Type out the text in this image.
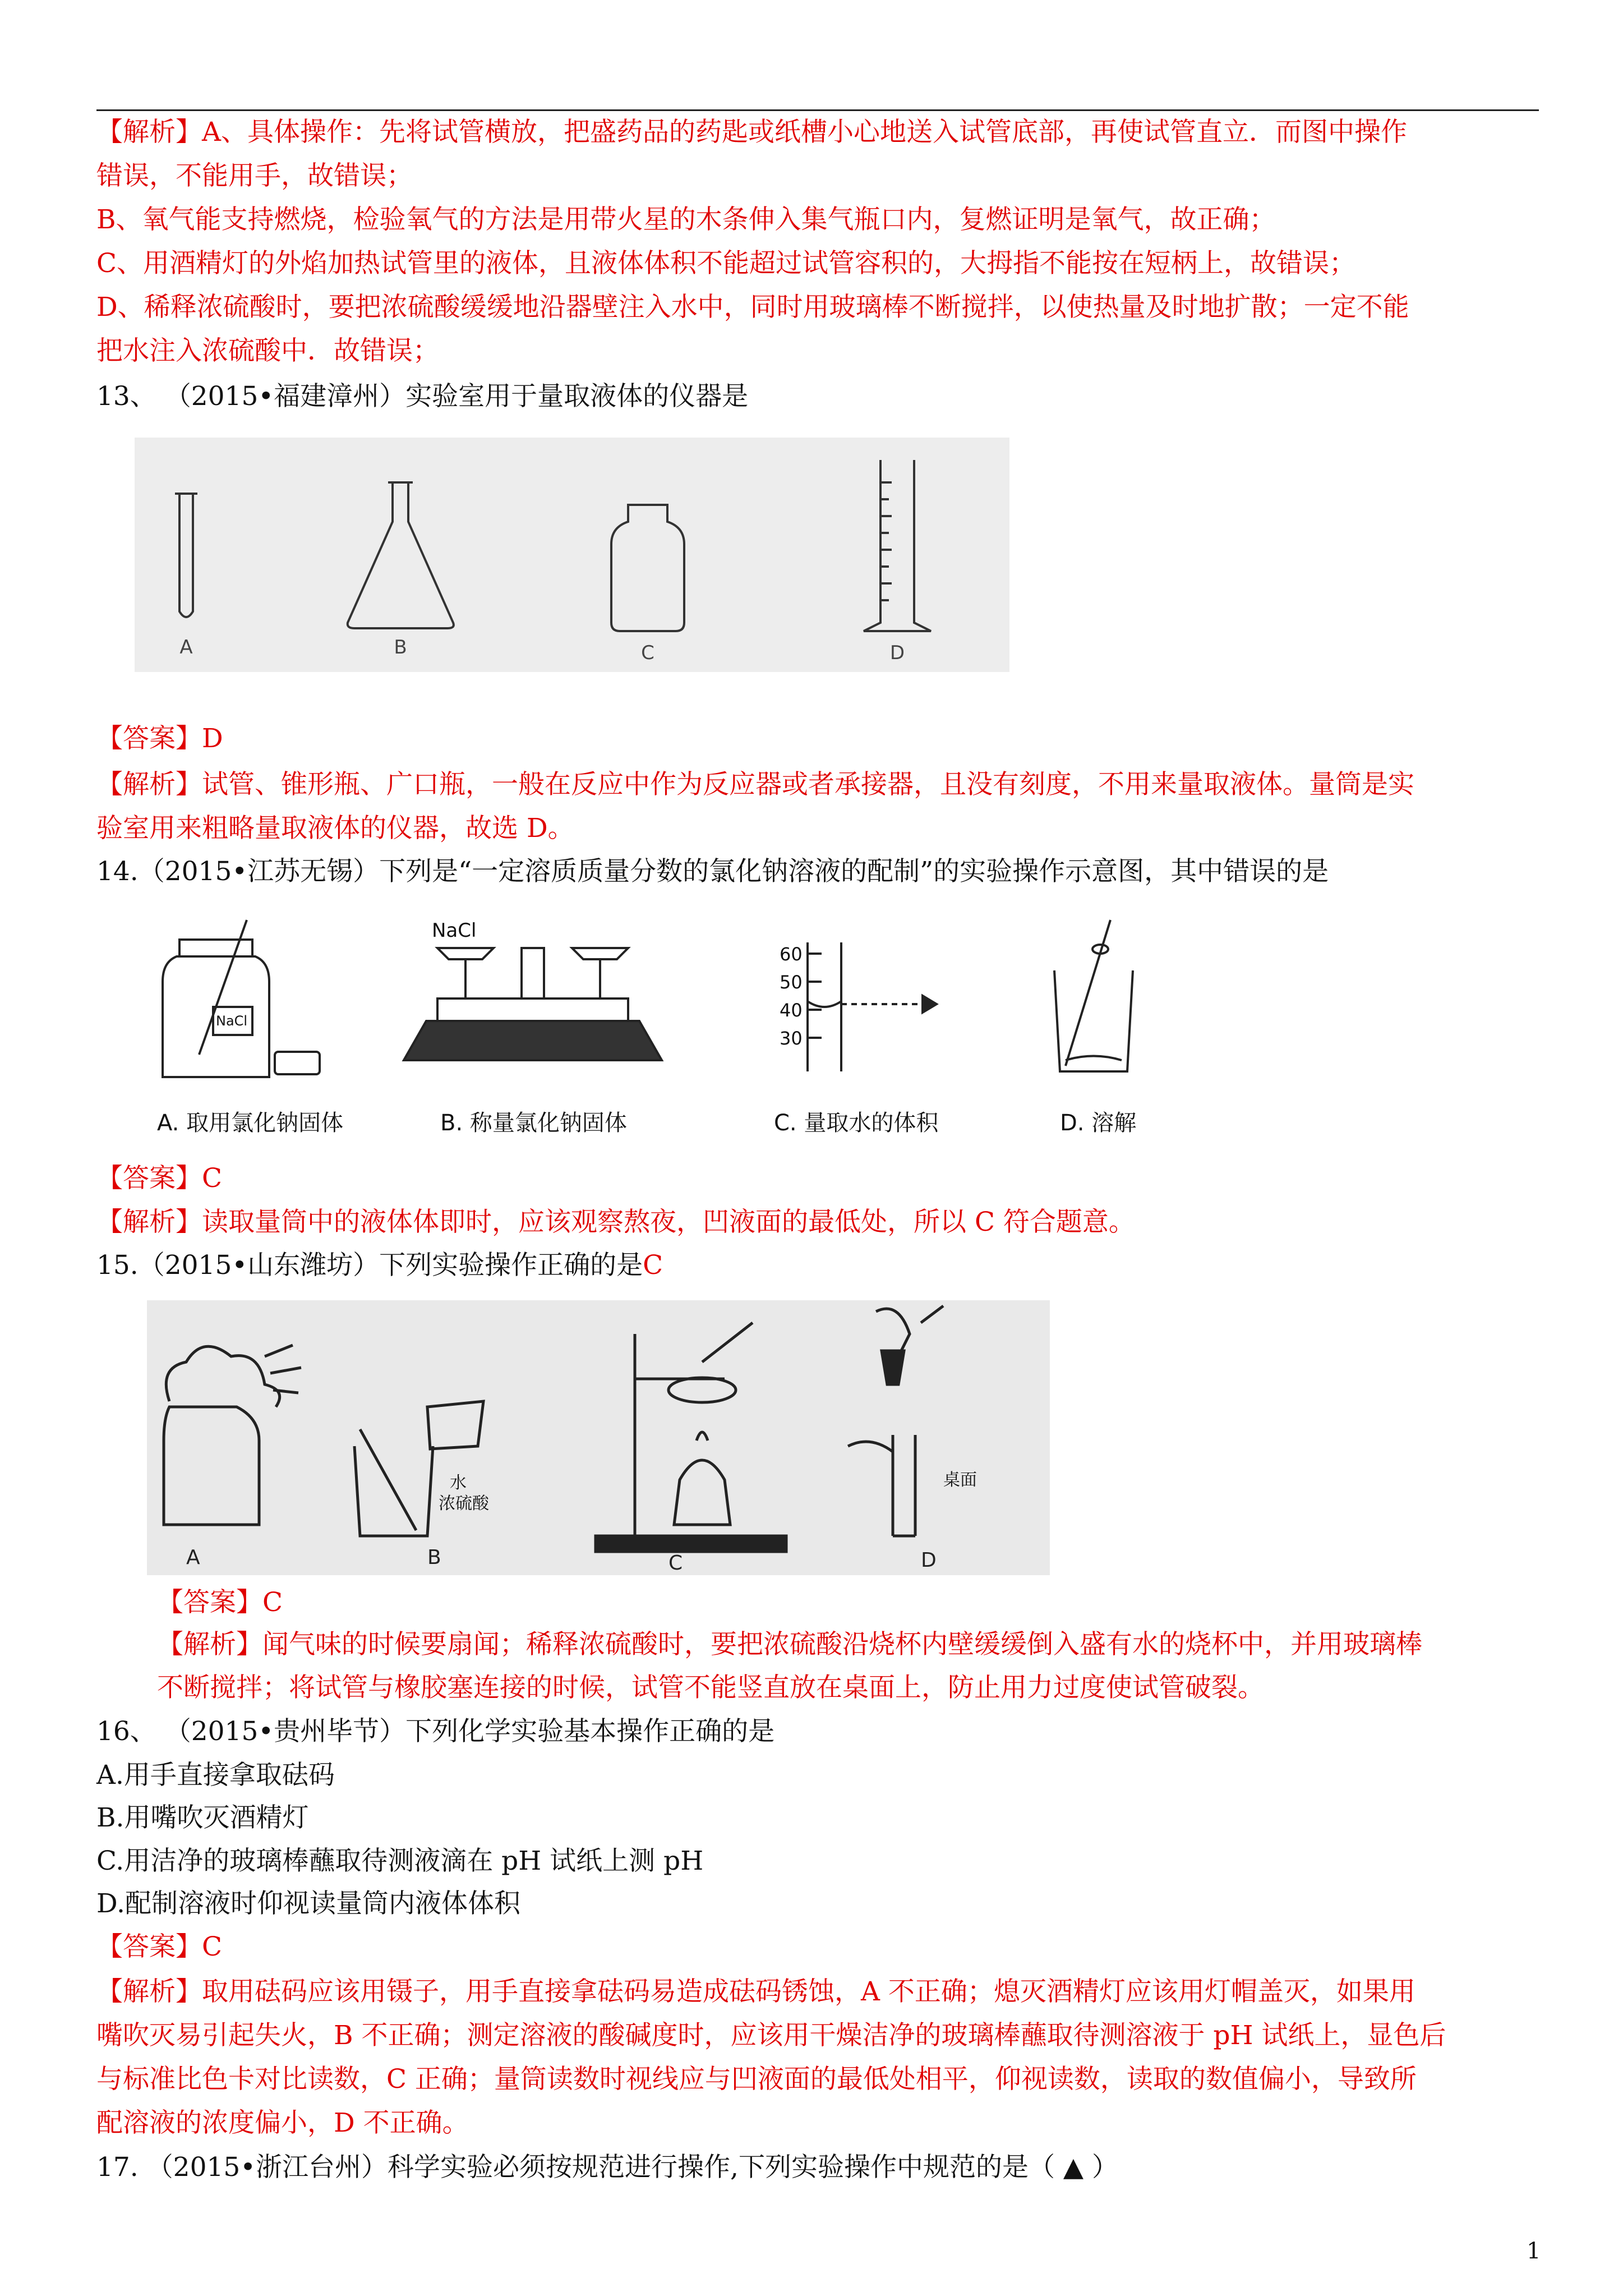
【解析】A、具体操作：先将试管横放，把盛药品的药匙或纸槽小心地送入试管底部，再使试管直立．而图中操作
错误，不能用手，故错误；
B、氧气能支持燃烧，检验氧气的方法是用带火星的木条伸入集气瓶口内，复燃证明是氧气，故正确；
C、用酒精灯的外焰加热试管里的液体，且液体体积不能超过试管容积的，大拇指不能按在短柄上，故错误；
D、稀释浓硫酸时，要把浓硫酸缓缓地沿器壁注入水中，同时用玻璃棒不断搅拌，以使热量及时地扩散；一定不能
把水注入浓硫酸中．故错误；
13、 （2015•福建漳州）实验室用于量取液体的仪器是
A	B	C	D
【答案】D
【解析】试管、锥形瓶、广口瓶，一般在反应中作为反应器或者承接器，且没有刻度，不用来量取液体。量筒是实
验室用来粗略量取液体的仪器，故选 D。
14.（2015•江苏无锡）下列是“一定溶质质量分数的氯化钠溶液的配制”的实验操作示意图，其中错误的是
NaCl
NaCl
60
50
40
30
A. 取用氯化钠固体	B. 称量氯化钠固体	C. 量取水的体积	D. 溶解
【答案】C
【解析】读取量筒中的液体体即时，应该观察熬夜，凹液面的最低处，所以 C 符合题意。
15.（2015•山东潍坊）下列实验操作正确的是C
水
浓硫酸
桌面
A	B	C	D
【答案】C
【解析】闻气味的时候要扇闻；稀释浓硫酸时，要把浓硫酸沿烧杯内壁缓缓倒入盛有水的烧杯中，并用玻璃棒
不断搅拌；将试管与橡胶塞连接的时候，试管不能竖直放在桌面上，防止用力过度使试管破裂。
16、 （2015•贵州毕节）下列化学实验基本操作正确的是
A.用手直接拿取砝码
B.用嘴吹灭酒精灯
C.用洁净的玻璃棒蘸取待测液滴在 pH 试纸上测 pH
D.配制溶液时仰视读量筒内液体体积
【答案】C
【解析】取用砝码应该用镊子，用手直接拿砝码易造成砝码锈蚀，A 不正确；熄灭酒精灯应该用灯帽盖灭，如果用
嘴吹灭易引起失火，B 不正确；测定溶液的酸碱度时，应该用干燥洁净的玻璃棒蘸取待测溶液于 pH 试纸上，显色后
与标准比色卡对比读数，C 正确；量筒读数时视线应与凹液面的最低处相平，仰视读数，读取的数值偏小，导致所
配溶液的浓度偏小，D 不正确。
17. （2015•浙江台州）科学实验必须按规范进行操作,下列实验操作中规范的是（ ▲ ）
1
